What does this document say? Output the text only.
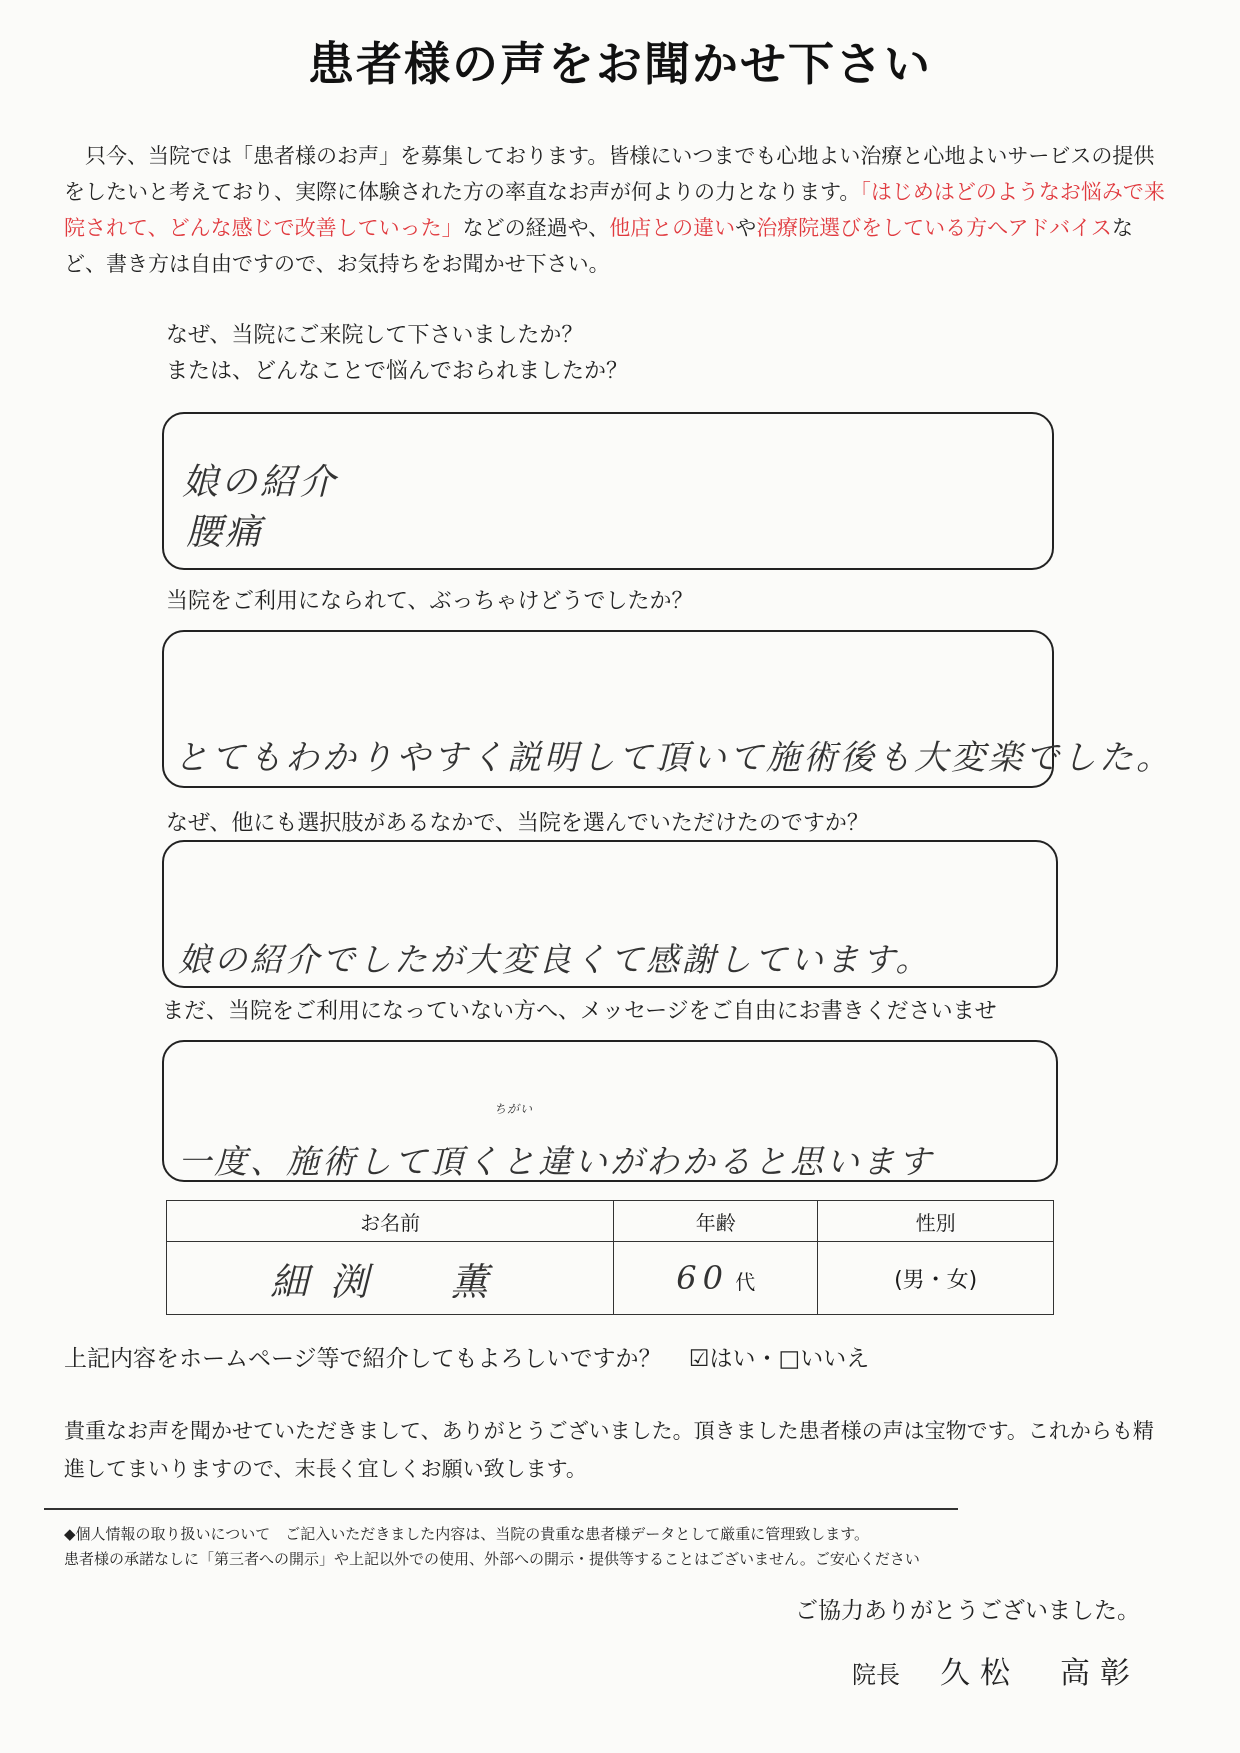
患者様の声をお聞かせ下さい
　只今、当院では「患者様のお声」を募集しております。皆様にいつまでも心地よい治療と心地よいサービスの提供をしたいと考えており、実際に体験された方の率直なお声が何よりの力となります。「はじめはどのようなお悩みで来院されて、どんな感じで改善していった」などの経過や、他店との違いや治療院選びをしている方へアドバイスなど、書き方は自由ですので、お気持ちをお聞かせ下さい。
なぜ、当院にご来院して下さいましたか？
または、どんなことで悩んでおられましたか？
娘の紹介
腰痛
当院をご利用になられて、ぶっちゃけどうでしたか？
とてもわかりやすく説明して頂いて施術後も大変楽でした。
なぜ、他にも選択肢があるなかで、当院を選んでいただけたのですか？
娘の紹介でしたが大変良くて感謝しています。
まだ、当院をご利用になっていない方へ、メッセージをご自由にお書きくださいませ
ちがい
一度、施術して頂くと違いがわかると思います
お名前	年齢	性別
細渕　薫	60 代	(男・女)
上記内容をホームページ等で紹介してもよろしいですか？ ☑はい・□いいえ
貴重なお声を聞かせていただきまして、ありがとうございました。頂きました患者様の声は宝物です。これからも精進してまいりますので、末長く宜しくお願い致します。
◆個人情報の取り扱いについて　ご記入いただきました内容は、当院の貴重な患者様データとして厳重に管理致します。
患者様の承諾なしに「第三者への開示」や上記以外での使用、外部への開示・提供等することはございません。ご安心ください
ご協力ありがとうございました。
院長 久松　高彰
